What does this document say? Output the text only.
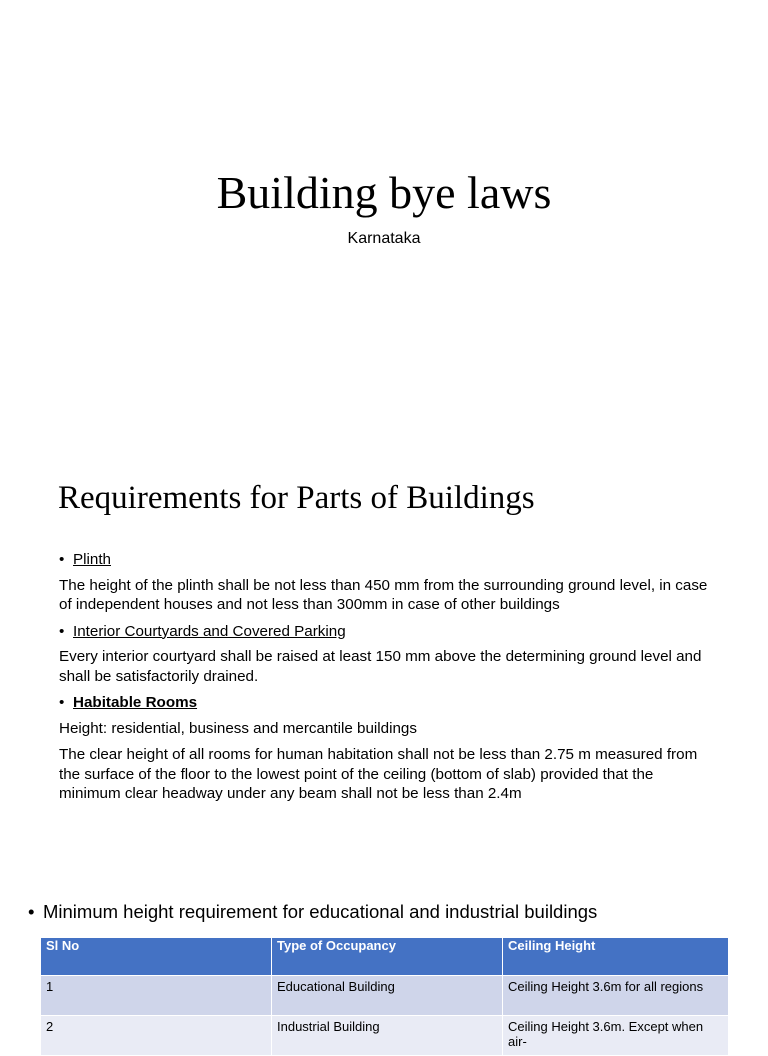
Building bye laws
Karnataka
Requirements for Parts of Buildings
• Plinth
The height of the plinth shall be not less than 450 mm from the surrounding ground level, in case of independent houses and not less than 300mm in case of other buildings
• Interior Courtyards and Covered Parking
Every interior courtyard shall be raised at least 150 mm above the determining ground level and shall be satisfactorily drained.
• Habitable Rooms
Height: residential, business and mercantile buildings
The clear height of all rooms for human habitation shall not be less than 2.75 m measured from the surface of the floor to the lowest point of the ceiling (bottom of slab) provided that the minimum clear headway under any beam shall not be less than 2.4m
• Minimum height requirement for educational and industrial buildings
Sl No	Type of Occupancy	Ceiling Height
1	Educational Building	Ceiling Height 3.6m for all regions
2	Industrial Building	Ceiling Height 3.6m. Except when air-
